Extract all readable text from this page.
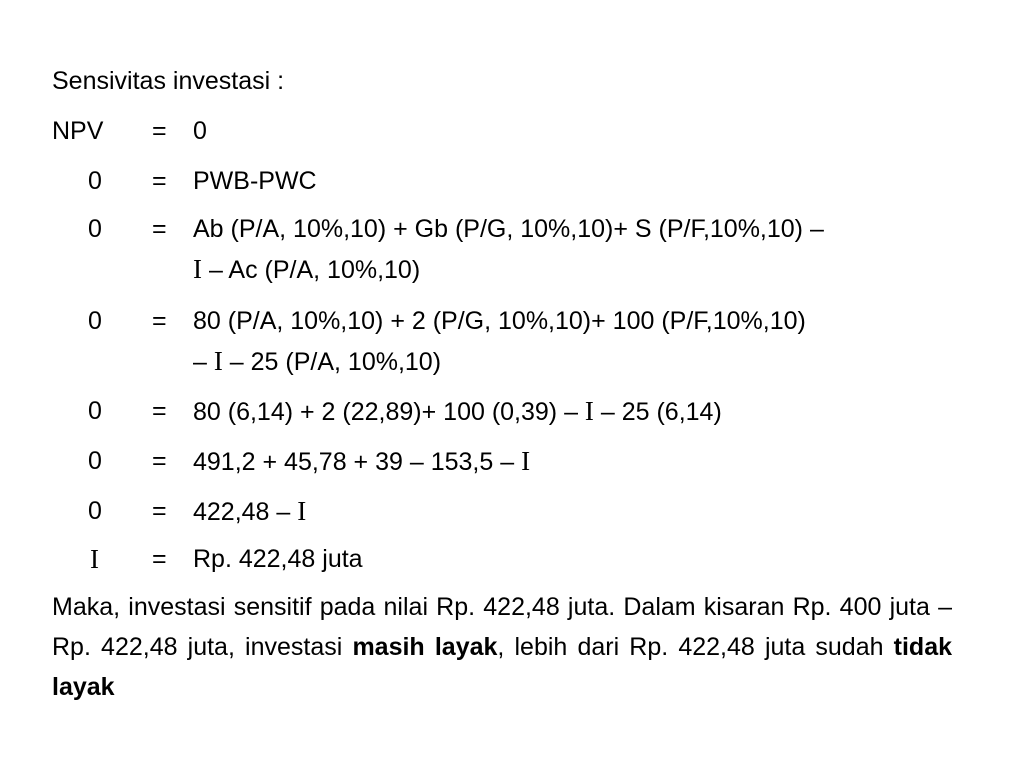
Sensivitas investasi :
NPV = 0
0 = PWB-PWC
0 = Ab (P/A, 10%,10) + Gb (P/G, 10%,10)+ S (P/F,10%,10) –
I – Ac (P/A, 10%,10)
0 = 80 (P/A, 10%,10) + 2 (P/G, 10%,10)+ 100 (P/F,10%,10)
– I – 25 (P/A, 10%,10)
0 = 80 (6,14) + 2 (22,89)+ 100 (0,39) – I – 25 (6,14)
0 = 491,2 + 45,78 + 39 – 153,5 – I
0 = 422,48 – I
I = Rp. 422,48 juta
Maka, investasi sensitif pada nilai Rp. 422,48 juta. Dalam kisaran Rp. 400 juta – Rp. 422,48 juta, investasi masih layak, lebih dari Rp. 422,48 juta sudah tidak layak
